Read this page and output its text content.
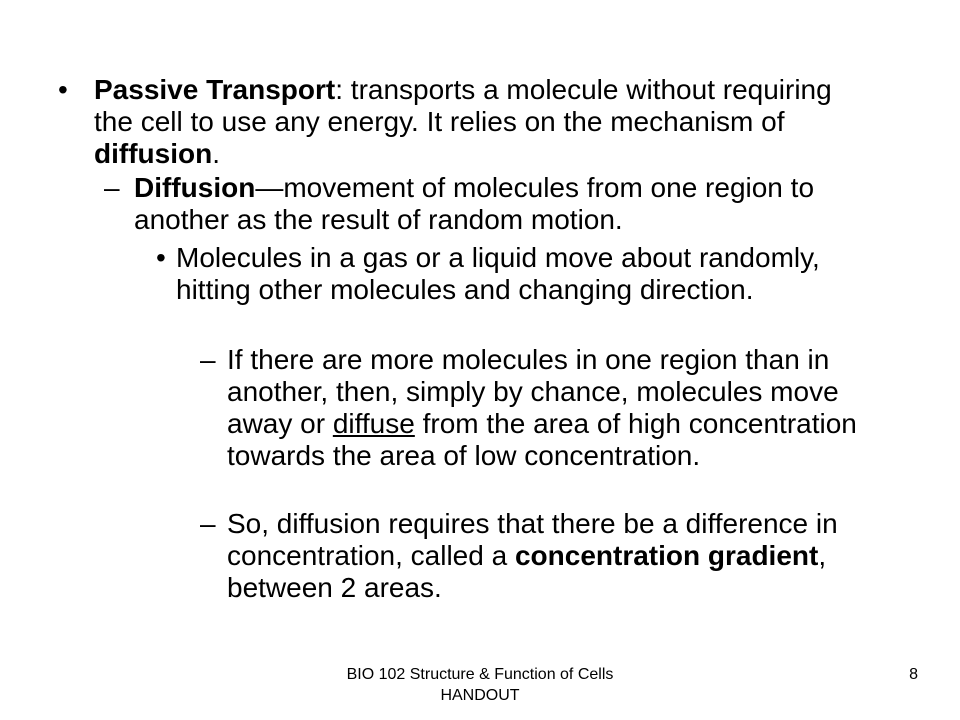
• Passive Transport: transports a molecule without requiring the cell to use any energy. It relies on the mechanism of diffusion.
– Diffusion—movement of molecules from one region to another as the result of random motion.
• Molecules in a gas or a liquid move about randomly, hitting other molecules and changing direction.
– If there are more molecules in one region than in another, then, simply by chance, molecules move away or diffuse from the area of high concentration towards the area of low concentration.
– So, diffusion requires that there be a difference in concentration, called a concentration gradient, between 2 areas.
BIO 102 Structure & Function of Cells HANDOUT
8
